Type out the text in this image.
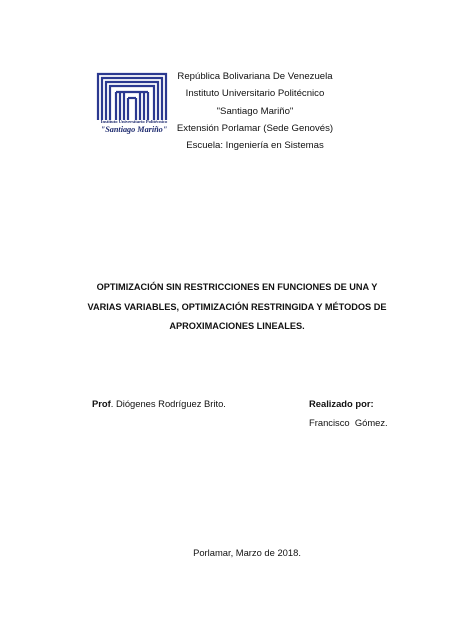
Instituto Universitario Politécnico
"Santiago Mariño"
República Bolivariana De Venezuela
Instituto Universitario Politécnico
"Santiago Mariño"
Extensión Porlamar (Sede Genovés)
Escuela: Ingeniería en Sistemas
OPTIMIZACIÓN SIN RESTRICCIONES EN FUNCIONES DE UNA Y
VARIAS VARIABLES, OPTIMIZACIÓN RESTRINGIDA Y MÉTODOS DE
APROXIMACIONES LINEALES.
Prof. Diógenes Rodríguez Brito.	Realizado por:
Francisco  Gómez.
Porlamar, Marzo de 2018.
